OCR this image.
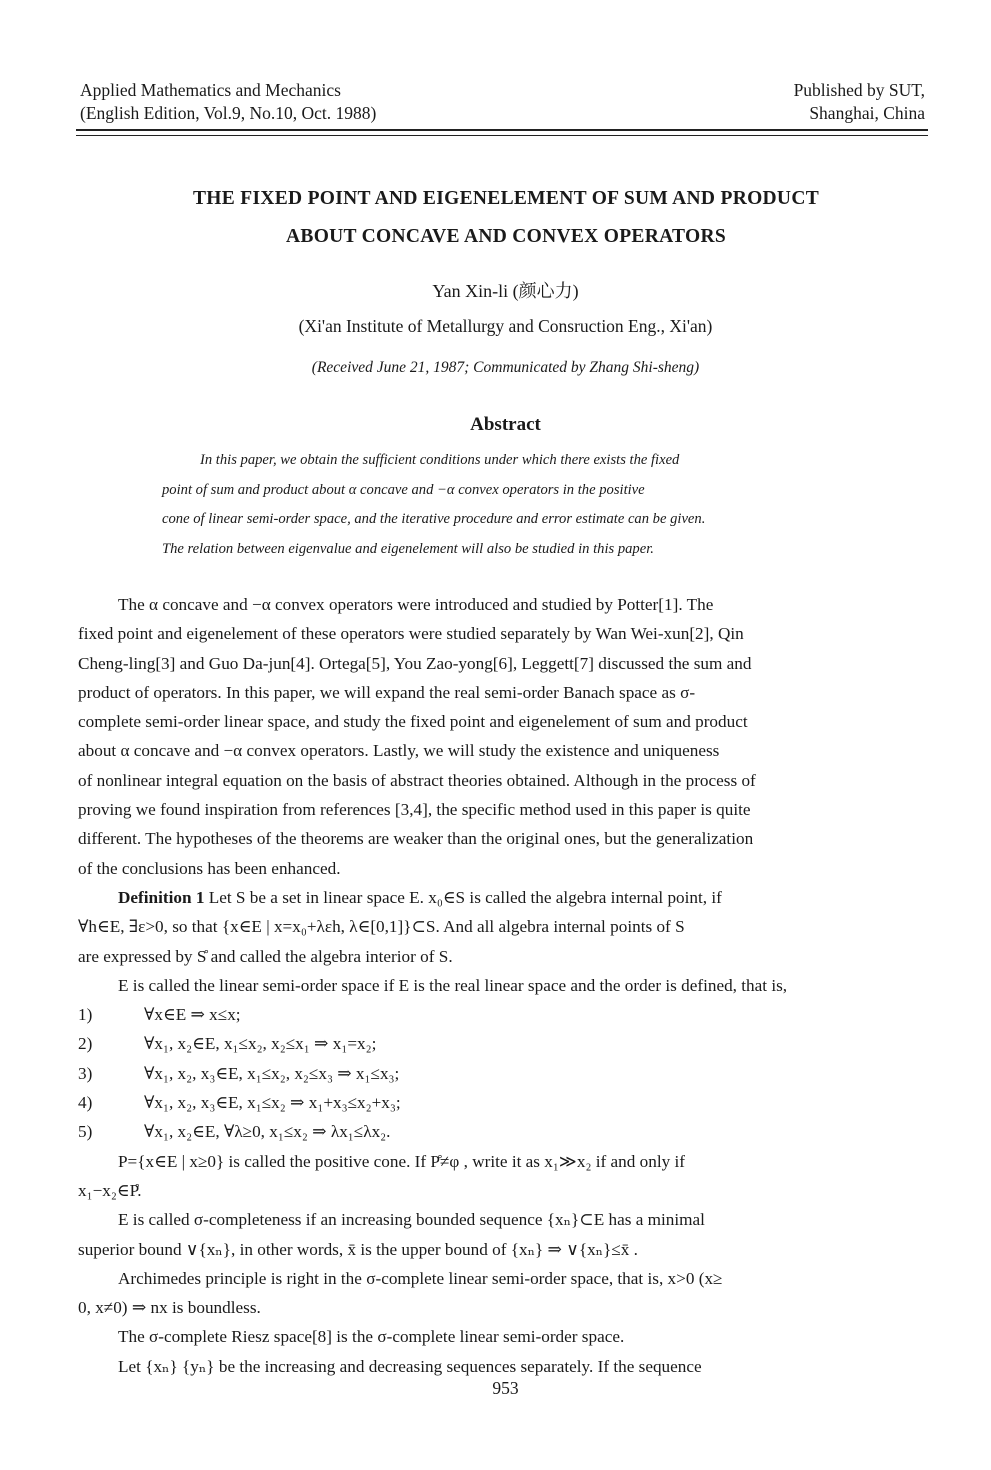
Applied Mathematics and Mechanics
(English Edition, Vol.9, No.10, Oct. 1988)
Published by SUT,
Shanghai, China
THE FIXED POINT AND EIGENELEMENT OF SUM AND PRODUCT
ABOUT CONCAVE AND CONVEX OPERATORS
Yan Xin-li (颜心力)
(Xi'an Institute of Metallurgy and Consruction Eng., Xi'an)
(Received June 21, 1987; Communicated by Zhang Shi-sheng)
Abstract
In this paper, we obtain the sufficient conditions under which there exists the fixed
point of sum and product about α concave and −α convex operators in the positive
cone of linear semi-order space, and the iterative procedure and error estimate can be given.
The relation between eigenvalue and eigenelement will also be studied in this paper.
The α concave and −α convex operators were introduced and studied by Potter[1]. The
fixed point and eigenelement of these operators were studied separately by Wan Wei-xun[2], Qin
Cheng-ling[3] and Guo Da-jun[4]. Ortega[5], You Zao-yong[6], Leggett[7] discussed the sum and
product of operators. In this paper, we will expand the real semi-order Banach space as σ-
complete semi-order linear space, and study the fixed point and eigenelement of sum and product
about α concave and −α convex operators. Lastly, we will study the existence and uniqueness
of nonlinear integral equation on the basis of abstract theories obtained. Although in the process of
proving we found inspiration from references [3,4], the specific method used in this paper is quite
different. The hypotheses of the theorems are weaker than the original ones, but the generalization
of the conclusions has been enhanced.
Definition 1 Let S be a set in linear space E. x₀∈S is called the algebra internal point, if
∀h∈E, ∃ε>0, so that {x∈E | x=x₀+λεh, λ∈[0,1]}⊂S. And all algebra internal points of S
are expressed by S̊ and called the algebra interior of S.
E is called the linear semi-order space if E is the real linear space and the order is defined, that is,
1)	∀x∈E ⇒ x≤x;
2)	∀x₁, x₂∈E, x₁≤x₂, x₂≤x₁ ⇒ x₁=x₂;
3)	∀x₁, x₂, x₃∈E, x₁≤x₂, x₂≤x₃ ⇒ x₁≤x₃;
4)	∀x₁, x₂, x₃∈E, x₁≤x₂ ⇒ x₁+x₃≤x₂+x₃;
5)	∀x₁, x₂∈E, ∀λ≥0, x₁≤x₂ ⇒ λx₁≤λx₂.
P={x∈E | x≥0} is called the positive cone. If P̊≠φ , write it as x₁≫x₂ if and only if
x₁−x₂∈P̊.
E is called σ-completeness if an increasing bounded sequence {xₙ}⊂E has a minimal
superior bound ∨{xₙ}, in other words, x̄ is the upper bound of {xₙ} ⇒ ∨{xₙ}≤x̄ .
Archimedes principle is right in the σ-complete linear semi-order space, that is, x>0 (x≥
0, x≠0) ⇒ nx is boundless.
The σ-complete Riesz space[8] is the σ-complete linear semi-order space.
Let {xₙ} {yₙ} be the increasing and decreasing sequences separately. If the sequence
953
